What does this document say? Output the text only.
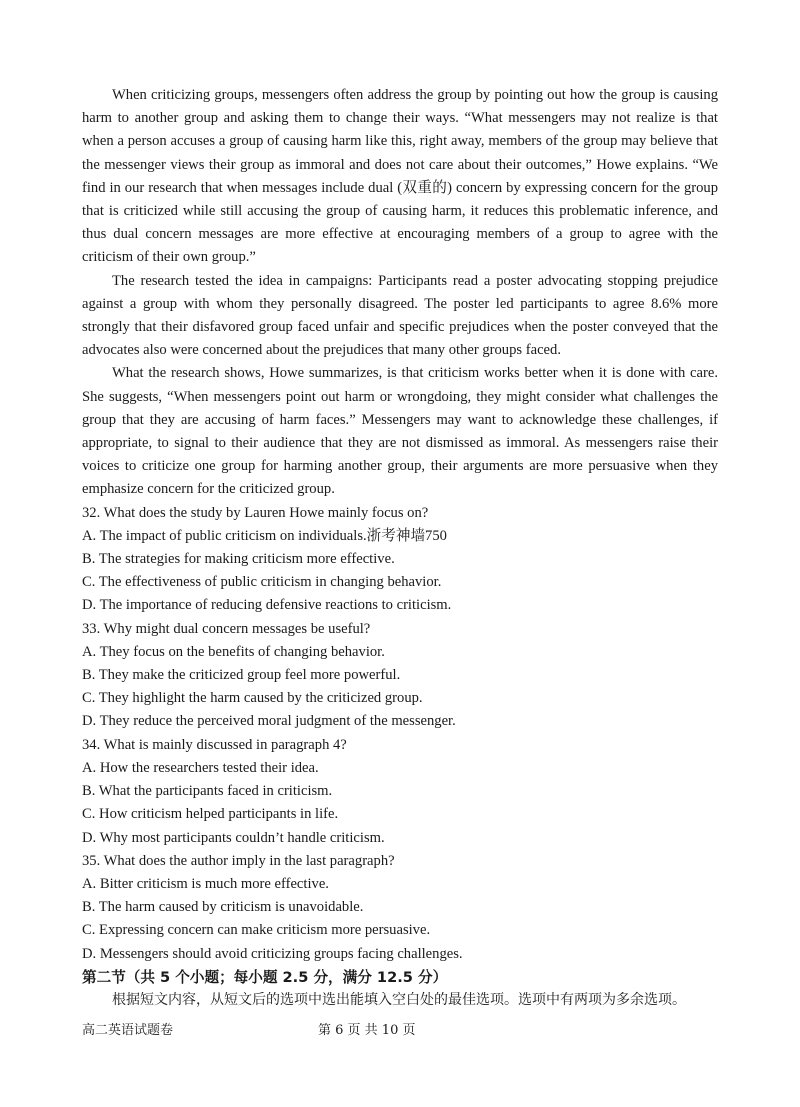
When criticizing groups, messengers often address the group by pointing out how the group is causing harm to another group and asking them to change their ways. “What messengers may not realize is that when a person accuses a group of causing harm like this, right away, members of the group may believe that the messenger views their group as immoral and does not care about their outcomes,” Howe explains. “We find in our research that when messages include dual (双重的) concern by expressing concern for the group that is criticized while still accusing the group of causing harm, it reduces this problematic inference, and thus dual concern messages are more effective at encouraging members of a group to agree with the criticism of their own group.”

The research tested the idea in campaigns: Participants read a poster advocating stopping prejudice against a group with whom they personally disagreed. The poster led participants to agree 8.6% more strongly that their disfavored group faced unfair and specific prejudices when the poster conveyed that the advocates also were concerned about the prejudices that many other groups faced.

What the research shows, Howe summarizes, is that criticism works better when it is done with care. She suggests, “When messengers point out harm or wrongdoing, they might consider what challenges the group that they are accusing of harm faces.” Messengers may want to acknowledge these challenges, if appropriate, to signal to their audience that they are not dismissed as immoral. As messengers raise their voices to criticize one group for harming another group, their arguments are more persuasive when they emphasize concern for the criticized group.

32. What does the study by Lauren Howe mainly focus on?

A. The impact of public criticism on individuals.浙考神墙750

B. The strategies for making criticism more effective.

C. The effectiveness of public criticism in changing behavior.

D. The importance of reducing defensive reactions to criticism.

33. Why might dual concern messages be useful?

A. They focus on the benefits of changing behavior.

B. They make the criticized group feel more powerful.

C. They highlight the harm caused by the criticized group.

D. They reduce the perceived moral judgment of the messenger.

34. What is mainly discussed in paragraph 4?

A. How the researchers tested their idea.

B. What the participants faced in criticism.

C. How criticism helped participants in life.

D. Why most participants couldn’t handle criticism.

35. What does the author imply in the last paragraph?

A. Bitter criticism is much more effective.

B. The harm caused by criticism is unavoidable.

C. Expressing concern can make criticism more persuasive.

D. Messengers should avoid criticizing groups facing challenges.

第二节（共 5 个小题；每小题 2.5 分，满分 12.5 分）

根据短文内容，从短文后的选项中选出能填入空白处的最佳选项。选项中有两项为多余选项。

高二英语试题卷	第 6 页 共 10 页
